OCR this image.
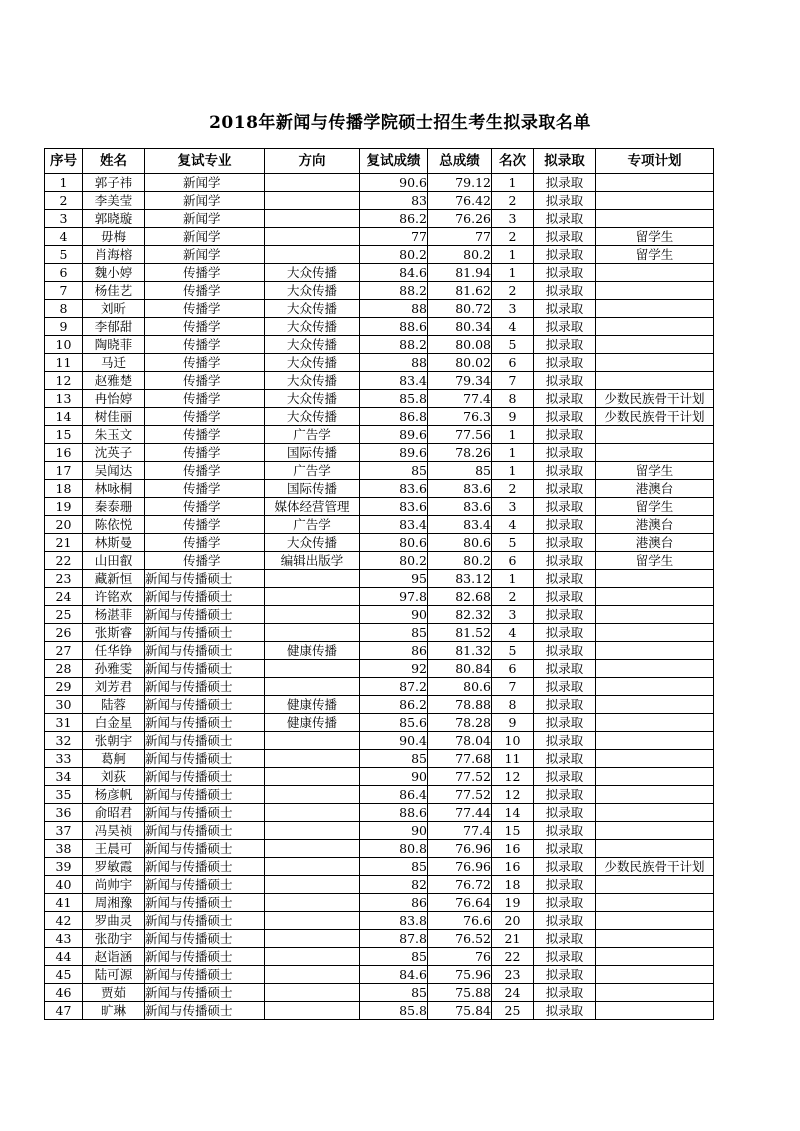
2018年新闻与传播学院硕士招生考生拟录取名单
序号	姓名	复试专业	方向	复试成绩	总成绩	名次	拟录取	专项计划
1	郭子祎	新闻学		90.6	79.12	1	拟录取	
2	李美莹	新闻学		83	76.42	2	拟录取	
3	郭晓璇	新闻学		86.2	76.26	3	拟录取	
4	毋梅	新闻学		77	77	2	拟录取	留学生
5	肖海榕	新闻学		80.2	80.2	1	拟录取	留学生
6	魏小婷	传播学	大众传播	84.6	81.94	1	拟录取	
7	杨佳艺	传播学	大众传播	88.2	81.62	2	拟录取	
8	刘昕	传播学	大众传播	88	80.72	3	拟录取	
9	李郁甜	传播学	大众传播	88.6	80.34	4	拟录取	
10	陶晓菲	传播学	大众传播	88.2	80.08	5	拟录取	
11	马迁	传播学	大众传播	88	80.02	6	拟录取	
12	赵雅楚	传播学	大众传播	83.4	79.34	7	拟录取	
13	冉怡婷	传播学	大众传播	85.8	77.4	8	拟录取	少数民族骨干计划
14	树佳丽	传播学	大众传播	86.8	76.3	9	拟录取	少数民族骨干计划
15	朱玉文	传播学	广告学	89.6	77.56	1	拟录取	
16	沈英子	传播学	国际传播	89.6	78.26	1	拟录取	
17	吴闻达	传播学	广告学	85	85	1	拟录取	留学生
18	林咏桐	传播学	国际传播	83.6	83.6	2	拟录取	港澳台
19	秦泰珊	传播学	媒体经营管理	83.6	83.6	3	拟录取	留学生
20	陈依悦	传播学	广告学	83.4	83.4	4	拟录取	港澳台
21	林斯曼	传播学	大众传播	80.6	80.6	5	拟录取	港澳台
22	山田叡	传播学	编辑出版学	80.2	80.2	6	拟录取	留学生
23	藏新恒	新闻与传播硕士		95	83.12	1	拟录取	
24	许铭欢	新闻与传播硕士		97.8	82.68	2	拟录取	
25	杨湛菲	新闻与传播硕士		90	82.32	3	拟录取	
26	张斯睿	新闻与传播硕士		85	81.52	4	拟录取	
27	任华铮	新闻与传播硕士	健康传播	86	81.32	5	拟录取	
28	孙雅雯	新闻与传播硕士		92	80.84	6	拟录取	
29	刘芳君	新闻与传播硕士		87.2	80.6	7	拟录取	
30	陆蓉	新闻与传播硕士	健康传播	86.2	78.88	8	拟录取	
31	白金星	新闻与传播硕士	健康传播	85.6	78.28	9	拟录取	
32	张朝宇	新闻与传播硕士		90.4	78.04	10	拟录取	
33	葛舸	新闻与传播硕士		85	77.68	11	拟录取	
34	刘荻	新闻与传播硕士		90	77.52	12	拟录取	
35	杨彦帆	新闻与传播硕士		86.4	77.52	12	拟录取	
36	俞昭君	新闻与传播硕士		88.6	77.44	14	拟录取	
37	冯昊祯	新闻与传播硕士		90	77.4	15	拟录取	
38	王晨可	新闻与传播硕士		80.8	76.96	16	拟录取	
39	罗敏霞	新闻与传播硕士		85	76.96	16	拟录取	少数民族骨干计划
40	尚帅宇	新闻与传播硕士		82	76.72	18	拟录取	
41	周湘豫	新闻与传播硕士		86	76.64	19	拟录取	
42	罗曲灵	新闻与传播硕士		83.8	76.6	20	拟录取	
43	张劭宇	新闻与传播硕士		87.8	76.52	21	拟录取	
44	赵诣涵	新闻与传播硕士		85	76	22	拟录取	
45	陆可源	新闻与传播硕士		84.6	75.96	23	拟录取	
46	贾茹	新闻与传播硕士		85	75.88	24	拟录取	
47	旷琳	新闻与传播硕士		85.8	75.84	25	拟录取	
